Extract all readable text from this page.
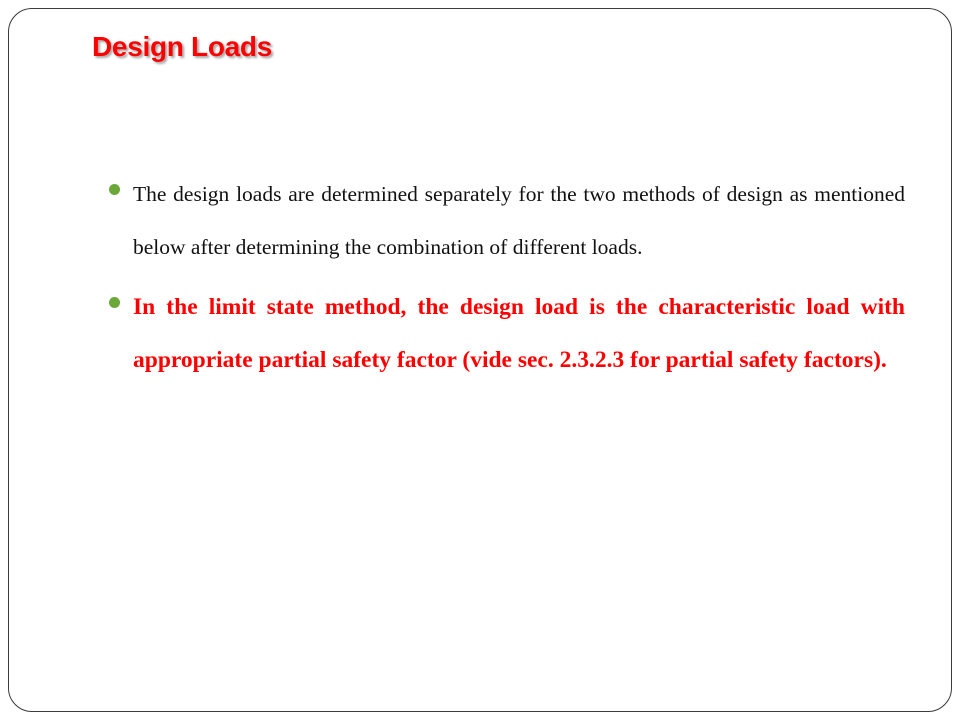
Design Loads
The design loads are determined separately for the two methods of design as mentioned below after determining the combination of different loads.
In the limit state method, the design load is the characteristic load with appropriate partial safety factor (vide sec. 2.3.2.3 for partial safety factors).
